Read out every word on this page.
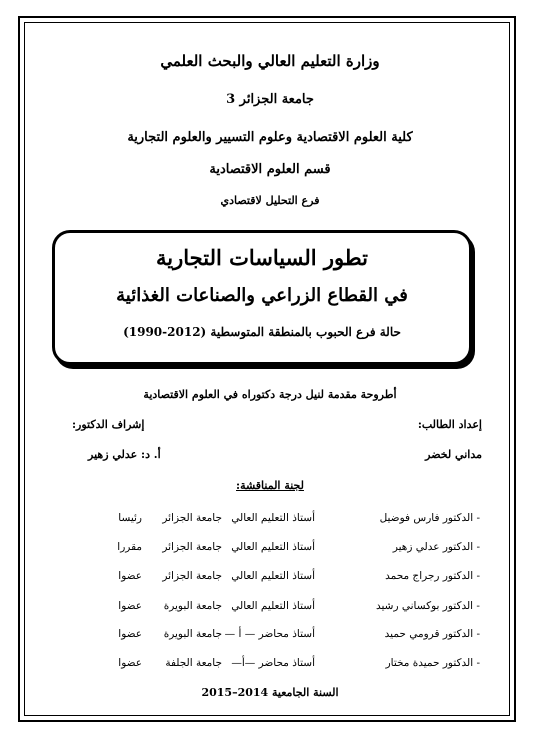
وزارة التعليم العالي والبحث العلمي
جامعة الجزائر 3
كلية العلوم الاقتصادية وعلوم التسيير والعلوم التجارية
قسم العلوم الاقتصادية
فرع التحليل لاقتصادي
تطور السياسات التجارية
في القطاع الزراعي والصناعات الغذائية
حالة فرع الحبوب بالمنطقة المتوسطية (2012-1990)
أطروحة مقدمة لنيل درجة دكتوراه في العلوم الاقتصادية
إعداد الطالب:
إشراف الدكتور:
مداني لخضر
أ. د: عدلي زهير
لجنة المناقشة:
- الدكتور فارس فوضيل
أستاذ التعليم العالي
جامعة الجزائر
رئيسا
- الدكتور عدلي زهير
أستاذ التعليم العالي
جامعة الجزائر
مقررا
- الدكتور رجراج محمد
أستاذ التعليم العالي
جامعة الجزائر
عضوا
- الدكتور بوكساني رشيد
أستاذ التعليم العالي
جامعة البويرة
عضوا
- الدكتور قرومي حميد
أستاذ محاضر — أ —
جامعة البويرة
عضوا
- الدكتور حميدة مختار
أستاذ محاضر —أ—
جامعة الجلفة
عضوا
السنة الجامعية 2014–2015
